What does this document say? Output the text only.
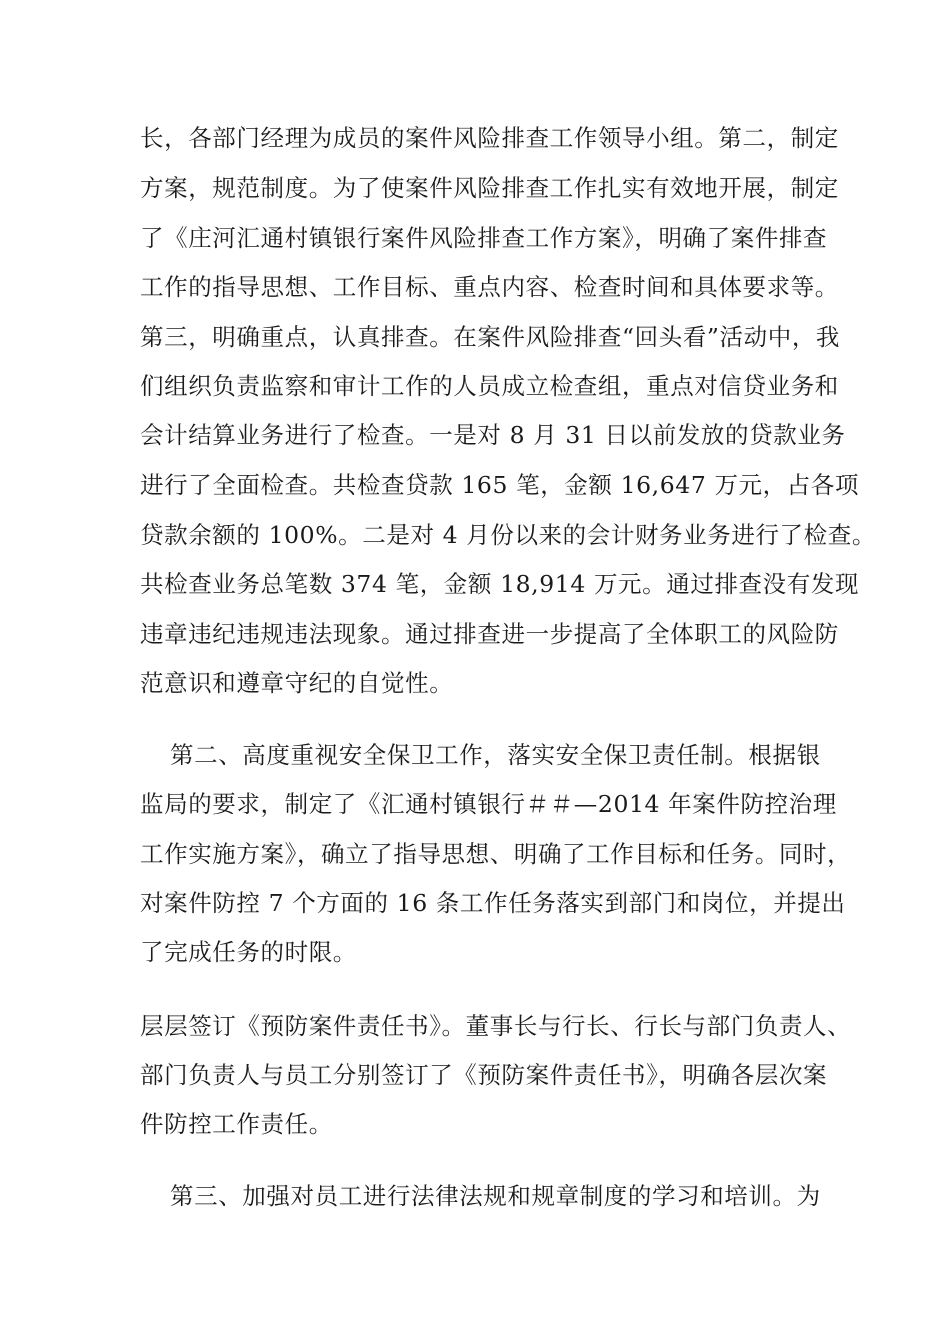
长，各部门经理为成员的案件风险排查工作领导小组。第二，制定
方案，规范制度。为了使案件风险排查工作扎实有效地开展，制定
了《庄河汇通村镇银行案件风险排查工作方案》，明确了案件排查
工作的指导思想、工作目标、重点内容、检查时间和具体要求等。
第三，明确重点，认真排查。在案件风险排查“回头看”活动中，我
们组织负责监察和审计工作的人员成立检查组，重点对信贷业务和
会计结算业务进行了检查。一是对 8 月 31 日以前发放的贷款业务
进行了全面检查。共检查贷款 165 笔，金额 16,647 万元，占各项
贷款余额的 100%。二是对 4 月份以来的会计财务业务进行了检查。
共检查业务总笔数 374 笔，金额 18,914 万元。通过排查没有发现
违章违纪违规违法现象。通过排查进一步提高了全体职工的风险防
范意识和遵章守纪的自觉性。
第二、高度重视安全保卫工作，落实安全保卫责任制。根据银
监局的要求，制定了《汇通村镇银行＃＃—2014 年案件防控治理
工作实施方案》，确立了指导思想、明确了工作目标和任务。同时，
对案件防控 7 个方面的 16 条工作任务落实到部门和岗位，并提出
了完成任务的时限。
层层签订《预防案件责任书》。董事长与行长、行长与部门负责人、
部门负责人与员工分别签订了《预防案件责任书》，明确各层次案
件防控工作责任。
第三、加强对员工进行法律法规和规章制度的学习和培训。为
